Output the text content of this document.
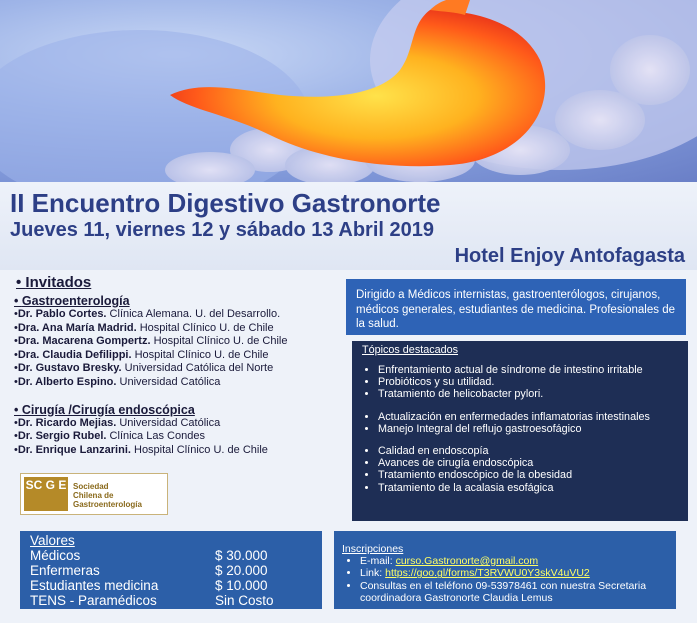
II Encuentro Digestivo Gastronorte
Jueves 11, viernes 12 y sábado 13 Abril 2019
Hotel Enjoy Antofagasta
• Invitados
• Gastroenterología
•Dr. Pablo Cortes. Clínica Alemana. U. del Desarrollo.
•Dra. Ana María Madrid. Hospital Clínico U. de Chile
•Dra. Macarena Gompertz. Hospital Clínico U. de Chile
•Dra. Claudia Defilippi. Hospital Clínico U. de Chile
•Dr. Gustavo Bresky. Universidad Católica del Norte
•Dr. Alberto Espino. Universidad Católica
• Cirugía /Cirugía endoscópica
•Dr. Ricardo Mejias. Universidad Católica
•Dr. Sergio Rubel. Clínica Las Condes
•Dr. Enrique Lanzarini. Hospital Clínico U. de Chile
SC G E Sociedad
Chilena de
Gastroenterología
Dirigido a Médicos internistas, gastroenterólogos, cirujanos, médicos generales, estudiantes de medicina. Profesionales de la salud.
Tópicos destacados
• Enfrentamiento actual de síndrome de intestino irritable
• Probióticos y su utilidad.
• Tratamiento de helicobacter pylori.
• Actualización en enfermedades inflamatorias intestinales
• Manejo Integral del reflujo gastroesofágico
• Calidad en endoscopía
• Avances de cirugía endoscópica
• Tratamiento endoscópico de la obesidad
• Tratamiento de la acalasia esofágica
Valores
Médicos	$ 30.000
Enfermeras	$ 20.000
Estudiantes medicina	$ 10.000
TENS - Paramédicos	Sin Costo
Inscripciones
• E-mail: curso.Gastronorte@gmail.com
• Link: https://goo.gl/forms/T3RVWU0Y3skV4uVU2
• Consultas en el teléfono 09-53978461 con nuestra Secretaria coordinadora Gastronorte Claudia Lemus
